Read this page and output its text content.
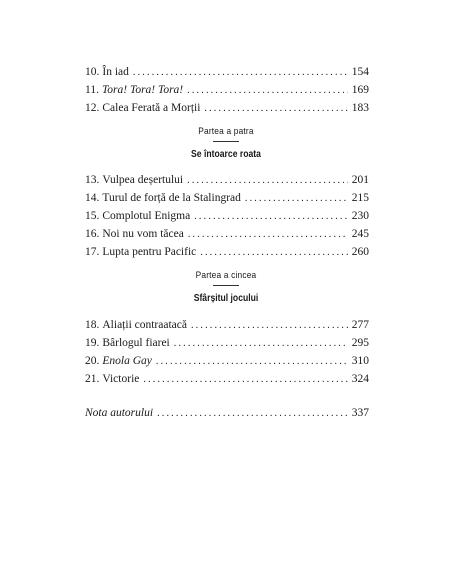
10. În iad .....	154
11. Tora! Tora! Tora! .....	169
12. Calea Ferată a Morții .....	183
Partea a patra
Se întoarce roata
13. Vulpea deșertului .....	201
14. Turul de forță de la Stalingrad .....	215
15. Complotul Enigma .....	230
16. Noi nu vom tăcea .....	245
17. Lupta pentru Pacific .....	260
Partea a cincea
Sfârșitul jocului
18. Aliații contraatacă .....	277
19. Bârlogul fiarei .....	295
20. Enola Gay .....	310
21. Victorie .....	324
Nota autorului .....	337
